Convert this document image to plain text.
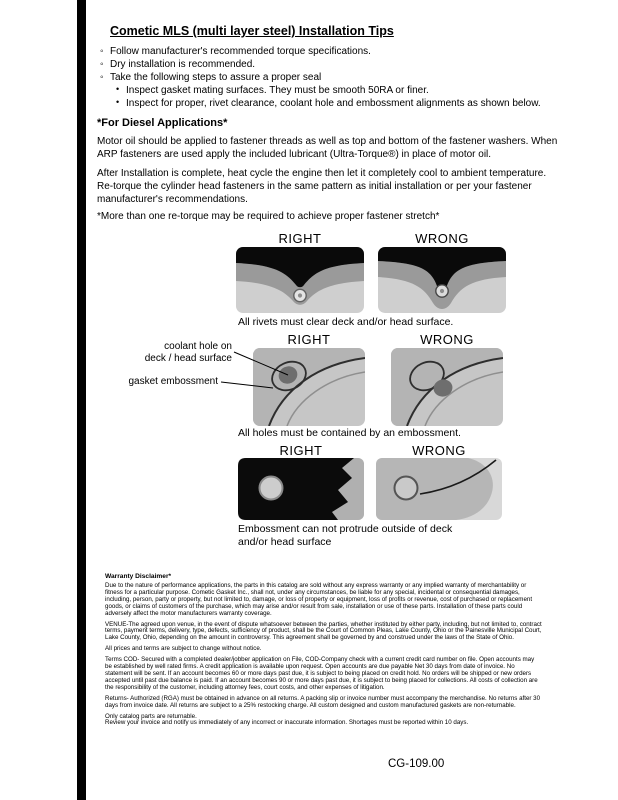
Cometic MLS (multi layer steel) Installation Tips
Follow manufacturer's recommended torque specifications.
Dry installation is recommended.
Take the following steps to assure a proper seal
Inspect gasket mating surfaces. They must be smooth 50RA or finer.
Inspect for proper, rivet clearance, coolant hole and embossment alignments as shown below.
*For Diesel Applications*

Motor oil should be applied to fastener threads as well as top and bottom of the fastener washers. When ARP fasteners are used apply the included lubricant (Ultra-Torque®) in place of motor oil.

After Installation is complete, heat cycle the engine then let it completely cool to ambient temperature. Re-torque the cylinder head fasteners in the same pattern as initial installation or per your fastener manufacturer's recommendations.

*More than one re-torque may be required to achieve proper fastener stretch*

RIGHT	WRONG
All rivets must clear deck and/or head surface.
RIGHT	WRONG
coolant hole on
deck / head surface
gasket embossment
All holes must be contained by an embossment.
RIGHT	WRONG
Embossment can not protrude outside of deck and/or head surface
Warranty Disclaimer*

Due to the nature of performance applications, the parts in this catalog are sold without any express warranty or any implied warranty of merchantability or fitness for a particular purpose. Cometic Gasket Inc., shall not, under any circumstances, be liable for any special, incidental or consequential damages, including, person, party or property, but not limited to, damage, or loss of property or equipment, loss of profits or revenue, cost of purchased or replacement goods, or claims of customers of the purchase, which may arise and/or result from sale, installation or use of these parts. Installation of these parts could adversely affect the motor manufacturers warranty coverage.

VENUE-The agreed upon venue, in the event of dispute whatsoever between the parties, whether instituted by either party, including, but not limited to, contract terms, payment terms, delivery, type, defects, sufficiency of product, shall be the Court of Common Pleas, Lake County, Ohio or the Painesville Municipal Court, Lake County, Ohio, depending on the amount in controversy. This agreement shall be governed by and construed under the laws of the State of Ohio.

All prices and terms are subject to change without notice.

Terms COD- Secured with a completed dealer/jobber application on File, COD-Company check with a current credit card number on file. Open accounts may be established by well rated firms. A credit application is available upon request. Open accounts are due payable Net 30 days from date of invoice. No statement will be sent. If an account becomes 60 or more days past due, it is subject to being placed on credit hold. No orders will be shipped or new orders accepted until past due balance is paid. If an account becomes 90 or more days past due, it is subject to being placed for collections. All costs of collection are the responsibility of the customer, including attorney fees, court costs, and other expenses of litigation.

Returns- Authorized (RGA) must be obtained in advance on all returns. A packing slip or invoice number must accompany the merchandise. No returns after 30 days from invoice date. All returns are subject to a 25% restocking charge. All custom designed and custom manufactured gaskets are non-returnable.

Only catalog parts are returnable.

Review your invoice and notify us immediately of any incorrect or inaccurate information. Shortages must be reported within 10 days.

CG-109.00
